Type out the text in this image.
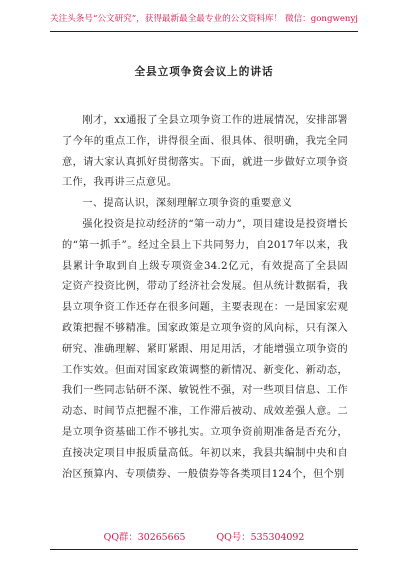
关注头条号“公文研究”，获得最新最全最专业的公文资料库！ 微信：gongwenyj
全县立项争资会议上的讲话

刚才，xx通报了全县立项争资工作的进展情况，安排部署了今年的重点工作，讲得很全面、很具体、很明确，我完全同意，请大家认真抓好贯彻落实。下面，就进一步做好立项争资工作，我再讲三点意见。

一、提高认识，深刻理解立项争资的重要意义

强化投资是拉动经济的“第一动力”，项目建设是投资增长的“第一抓手”。经过全县上下共同努力，自2017年以来，我县累计争取到自上级专项资金34.2亿元，有效提高了全县固定资产投资比例，带动了经济社会发展。但从统计数据看，我县立项争资工作还存在很多问题，主要表现在：一是国家宏观政策把握不够精准。国家政策是立项争资的风向标，只有深入研究、准确理解、紧盯紧跟、用足用活，才能增强立项争资的工作实效。但面对国家政策调整的新情况、新变化、新动态，我们一些同志钻研不深、敏锐性不强，对一些项目信息、工作动态、时间节点把握不准，工作滞后被动、成效差强人意。二是立项争资基础工作不够扎实。立项争资前期准备是否充分，直接决定项目申报质量高低。年初以来，我县共编制中央和自治区预算内、专项债券、一般债券等各类项目124个，但个别

QQ群：30265665	QQ号：535304092
